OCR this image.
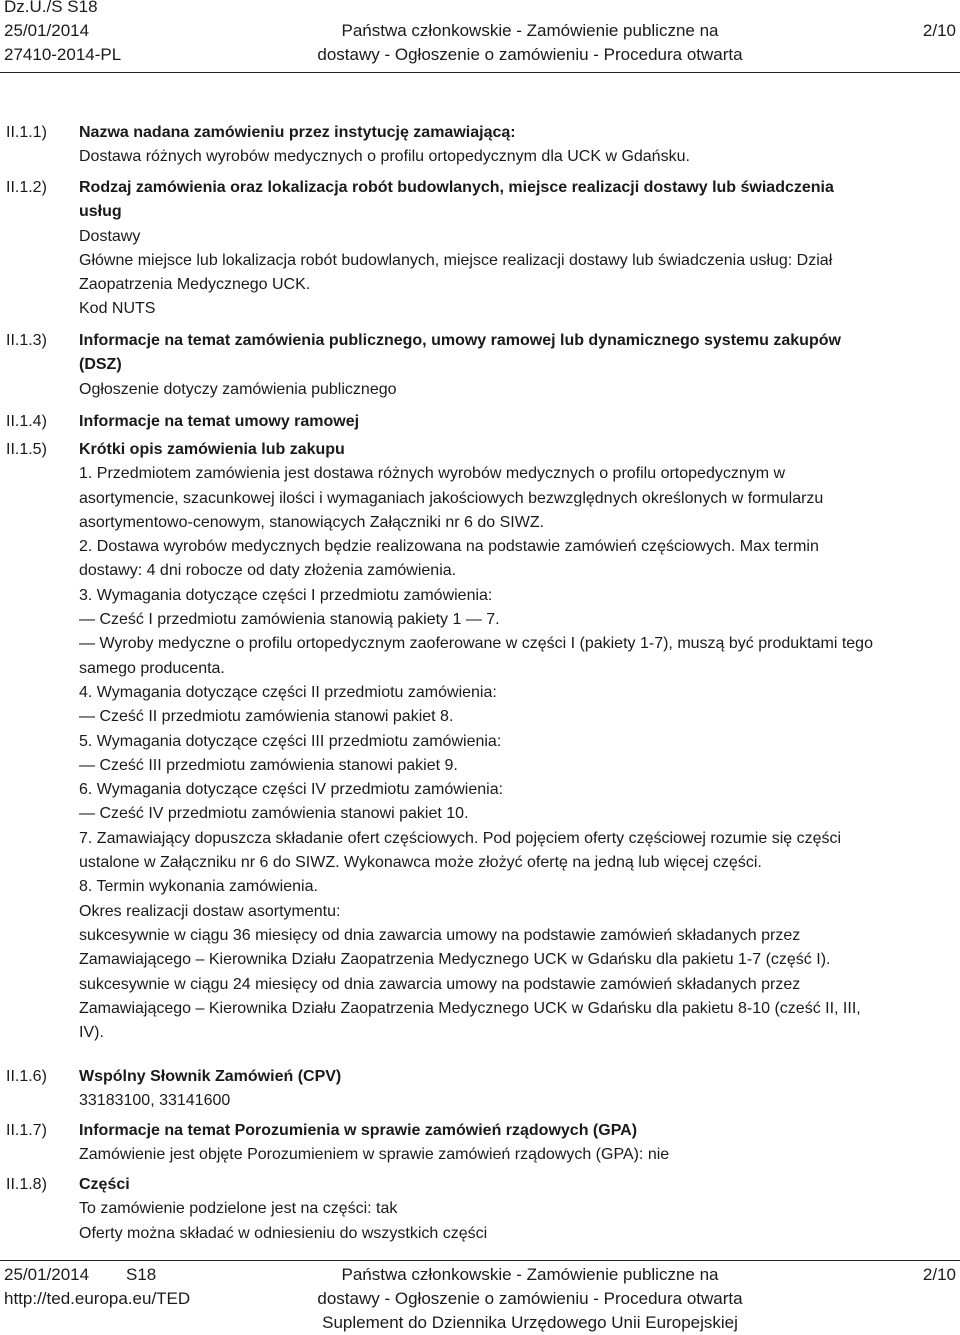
Dz.U./S S18
25/01/2014
27410-2014-PL
Państwa członkowskie - Zamówienie publiczne na
dostawy - Ogłoszenie o zamówieniu - Procedura otwarta
2/10
II.1.1)
II.1.2)
II.1.3)
II.1.4)
II.1.5)
II.1.6)
II.1.7)
II.1.8)
Nazwa nadana zamówieniu przez instytucję zamawiającą:
Dostawa różnych wyrobów medycznych o profilu ortopedycznym dla UCK w Gdańsku.
Rodzaj zamówienia oraz lokalizacja robót budowlanych, miejsce realizacji dostawy lub świadczenia
usług
Dostawy
Główne miejsce lub lokalizacja robót budowlanych, miejsce realizacji dostawy lub świadczenia usług: Dział
Zaopatrzenia Medycznego UCK.
Kod NUTS
Informacje na temat zamówienia publicznego, umowy ramowej lub dynamicznego systemu zakupów
(DSZ)
Ogłoszenie dotyczy zamówienia publicznego
Informacje na temat umowy ramowej
Krótki opis zamówienia lub zakupu
1. Przedmiotem zamówienia jest dostawa różnych wyrobów medycznych o profilu ortopedycznym w
asortymencie, szacunkowej ilości i wymaganiach jakościowych bezwzględnych określonych w formularzu
asortymentowo-cenowym, stanowiących Załączniki nr 6 do SIWZ.
2. Dostawa wyrobów medycznych będzie realizowana na podstawie zamówień częściowych. Max termin
dostawy: 4 dni robocze od daty złożenia zamówienia.
3. Wymagania dotyczące części I przedmiotu zamówienia:
— Cześć I przedmiotu zamówienia stanowią pakiety 1 — 7.
— Wyroby medyczne o profilu ortopedycznym zaoferowane w części I (pakiety 1-7), muszą być produktami tego
samego producenta.
4. Wymagania dotyczące części II przedmiotu zamówienia:
— Cześć II przedmiotu zamówienia stanowi pakiet 8.
5. Wymagania dotyczące części III przedmiotu zamówienia:
— Cześć III przedmiotu zamówienia stanowi pakiet 9.
6. Wymagania dotyczące części IV przedmiotu zamówienia:
— Cześć IV przedmiotu zamówienia stanowi pakiet 10.
7. Zamawiający dopuszcza składanie ofert częściowych. Pod pojęciem oferty częściowej rozumie się części
ustalone w Załączniku nr 6 do SIWZ. Wykonawca może złożyć ofertę na jedną lub więcej części.
8. Termin wykonania zamówienia.
Okres realizacji dostaw asortymentu:
sukcesywnie w ciągu 36 miesięcy od dnia zawarcia umowy na podstawie zamówień składanych przez
Zamawiającego – Kierownika Działu Zaopatrzenia Medycznego UCK w Gdańsku dla pakietu 1-7 (część I).
sukcesywnie w ciągu 24 miesięcy od dnia zawarcia umowy na podstawie zamówień składanych przez
Zamawiającego – Kierownika Działu Zaopatrzenia Medycznego UCK w Gdańsku dla pakietu 8-10 (cześć II, III,
IV).
Wspólny Słownik Zamówień (CPV)
33183100, 33141600
Informacje na temat Porozumienia w sprawie zamówień rządowych (GPA)
Zamówienie jest objęte Porozumieniem w sprawie zamówień rządowych (GPA): nie
Części
To zamówienie podzielone jest na części: tak
Oferty można składać w odniesieniu do wszystkich części
25/01/2014 S18
http://ted.europa.eu/TED
Państwa członkowskie - Zamówienie publiczne na
dostawy - Ogłoszenie o zamówieniu - Procedura otwarta
Suplement do Dziennika Urzędowego Unii Europejskiej
2/10
